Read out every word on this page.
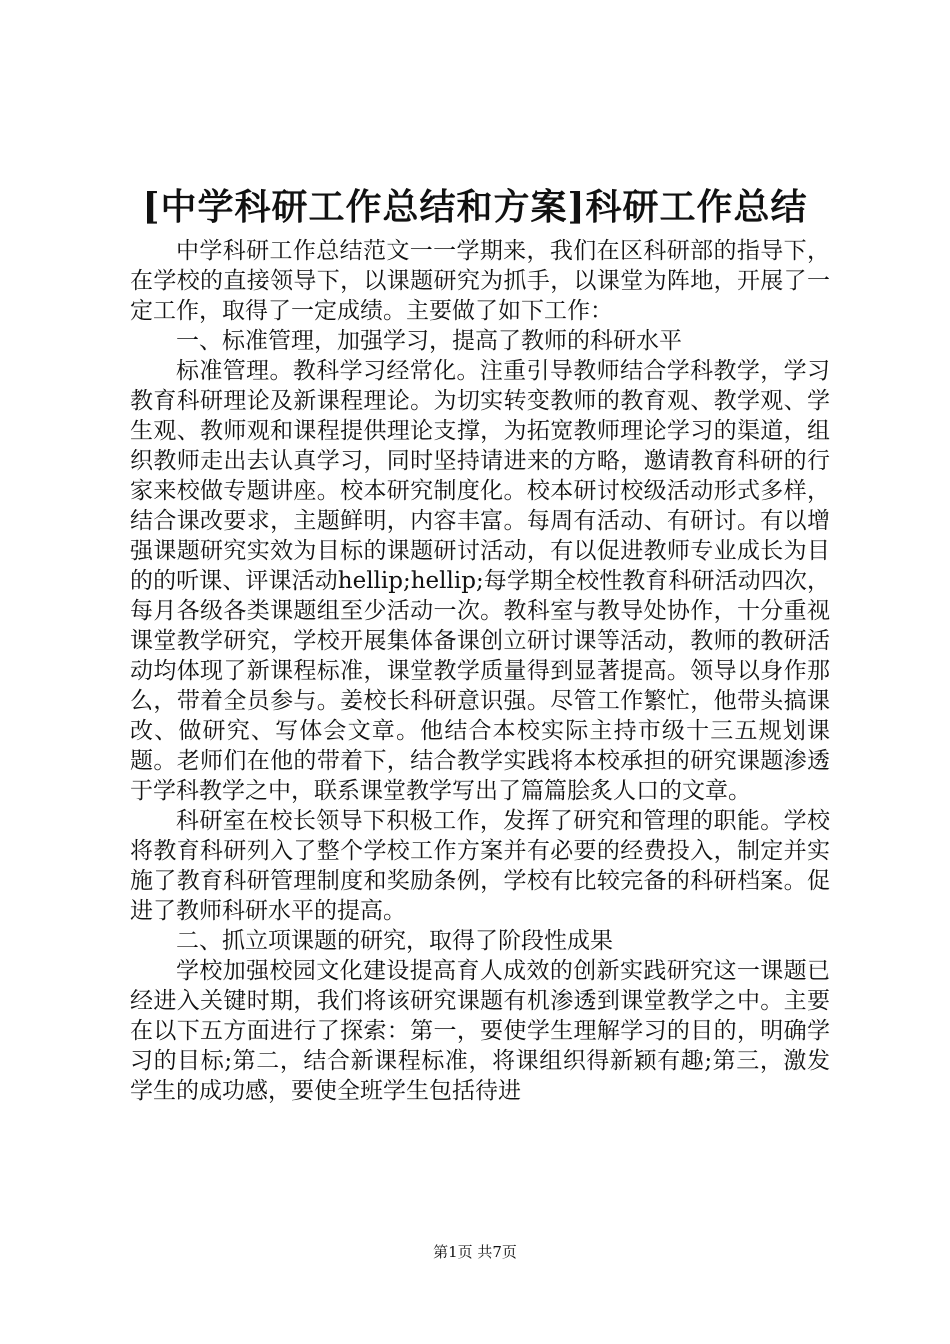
[中学科研工作总结和方案]科研工作总结

中学科研工作总结范文一一学期来，我们在区科研部的指导下，在学校的直接领导下，以课题研究为抓手，以课堂为阵地，开展了一定工作，取得了一定成绩。主要做了如下工作：

一、标准管理，加强学习，提高了教师的科研水平

标准管理。教科学习经常化。注重引导教师结合学科教学，学习教育科研理论及新课程理论。为切实转变教师的教育观、教学观、学生观、教师观和课程提供理论支撑，为拓宽教师理论学习的渠道，组织教师走出去认真学习，同时坚持请进来的方略，邀请教育科研的行家来校做专题讲座。校本研究制度化。校本研讨校级活动形式多样，结合课改要求，主题鲜明，内容丰富。每周有活动、有研讨。有以增强课题研究实效为目标的课题研讨活动，有以促进教师专业成长为目的的听课、评课活动hellip;hellip;每学期全校性教育科研活动四次，每月各级各类课题组至少活动一次。教科室与教导处协作，十分重视课堂教学研究，学校开展集体备课创立研讨课等活动，教师的教研活动均体现了新课程标准，课堂教学质量得到显著提高。领导以身作那么，带着全员参与。姜校长科研意识强。尽管工作繁忙，他带头搞课改、做研究、写体会文章。他结合本校实际主持市级十三五规划课题。老师们在他的带着下，结合教学实践将本校承担的研究课题渗透于学科教学之中，联系课堂教学写出了篇篇脍炙人口的文章。

科研室在校长领导下积极工作，发挥了研究和管理的职能。学校将教育科研列入了整个学校工作方案并有必要的经费投入，制定并实施了教育科研管理制度和奖励条例，学校有比较完备的科研档案。促进了教师科研水平的提高。

二、抓立项课题的研究，取得了阶段性成果

学校加强校园文化建设提高育人成效的创新实践研究这一课题已经进入关键时期，我们将该研究课题有机渗透到课堂教学之中。主要在以下五方面进行了探索：第一，要使学生理解学习的目的，明确学习的目标;第二，结合新课程标准，将课组织得新颖有趣;第三，激发学生的成功感，要使全班学生包括待进

第1页 共7页
